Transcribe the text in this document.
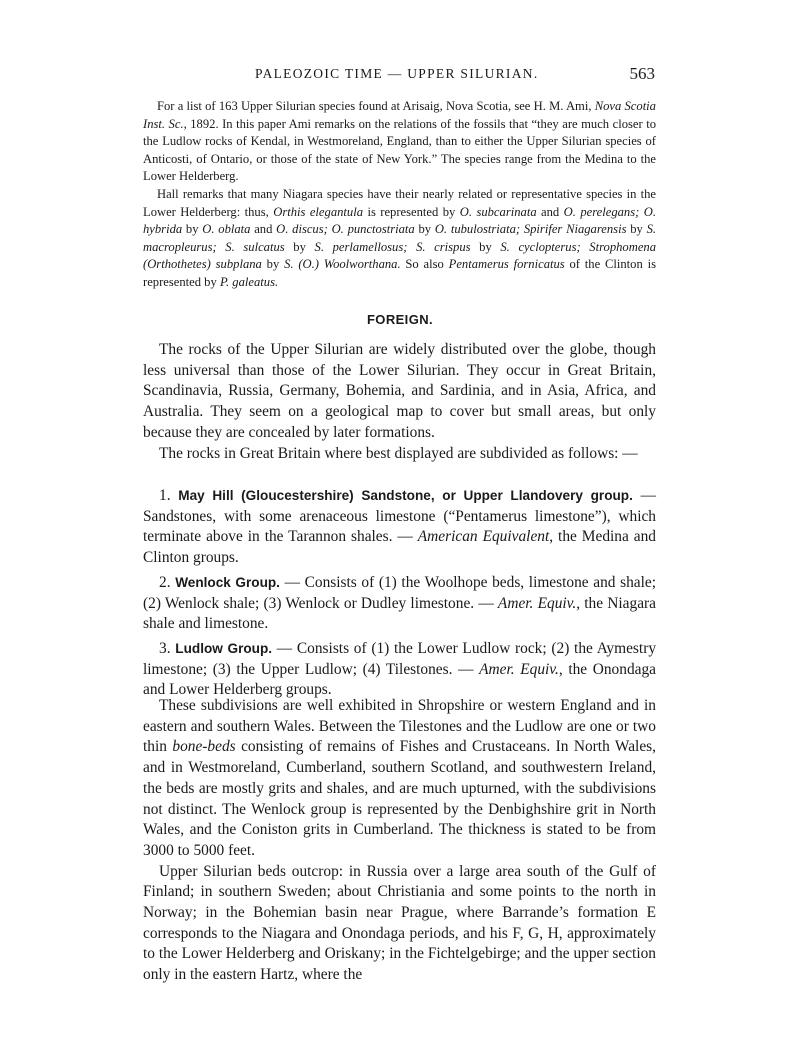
PALEOZOIC TIME — UPPER SILURIAN.	563

For a list of 163 Upper Silurian species found at Arisaig, Nova Scotia, see H. M. Ami, Nova Scotia Inst. Sc., 1892. In this paper Ami remarks on the relations of the fossils that “they are much closer to the Ludlow rocks of Kendal, in Westmoreland, England, than to either the Upper Silurian species of Anticosti, of Ontario, or those of the state of New York.” The species range from the Medina to the Lower Helderberg.

Hall remarks that many Niagara species have their nearly related or representative species in the Lower Helderberg: thus, Orthis elegantula is represented by O. subcarinata and O. perelegans; O. hybrida by O. oblata and O. discus; O. punctostriata by O. tubulostriata; Spirifer Niagarensis by S. macropleurus; S. sulcatus by S. perlamellosus; S. crispus by S. cyclopterus; Strophomena (Orthothetes) subplana by S. (O.) Woolworthana. So also Pentamerus fornicatus of the Clinton is represented by P. galeatus.

FOREIGN.

The rocks of the Upper Silurian are widely distributed over the globe, though less universal than those of the Lower Silurian. They occur in Great Britain, Scandinavia, Russia, Germany, Bohemia, and Sardinia, and in Asia, Africa, and Australia. They seem on a geological map to cover but small areas, but only because they are concealed by later formations.

The rocks in Great Britain where best displayed are subdivided as follows: —

1. May Hill (Gloucestershire) Sandstone, or Upper Llandovery group. — Sandstones, with some arenaceous limestone (“Pentamerus limestone”), which terminate above in the Tarannon shales. — American Equivalent, the Medina and Clinton groups.

2. Wenlock Group. — Consists of (1) the Woolhope beds, limestone and shale; (2) Wenlock shale; (3) Wenlock or Dudley limestone. — Amer. Equiv., the Niagara shale and limestone.

3. Ludlow Group. — Consists of (1) the Lower Ludlow rock; (2) the Aymestry limestone; (3) the Upper Ludlow; (4) Tilestones. — Amer. Equiv., the Onondaga and Lower Helderberg groups.

These subdivisions are well exhibited in Shropshire or western England and in eastern and southern Wales. Between the Tilestones and the Ludlow are one or two thin bone-beds consisting of remains of Fishes and Crustaceans. In North Wales, and in Westmoreland, Cumberland, southern Scotland, and southwestern Ireland, the beds are mostly grits and shales, and are much upturned, with the subdivisions not distinct. The Wenlock group is represented by the Denbighshire grit in North Wales, and the Coniston grits in Cumberland. The thickness is stated to be from 3000 to 5000 feet.

Upper Silurian beds outcrop: in Russia over a large area south of the Gulf of Finland; in southern Sweden; about Christiania and some points to the north in Norway; in the Bohemian basin near Prague, where Barrande’s formation E corresponds to the Niagara and Onondaga periods, and his F, G, H, approximately to the Lower Helderberg and Oriskany; in the Fichtelgebirge; and the upper section only in the eastern Hartz, where the
